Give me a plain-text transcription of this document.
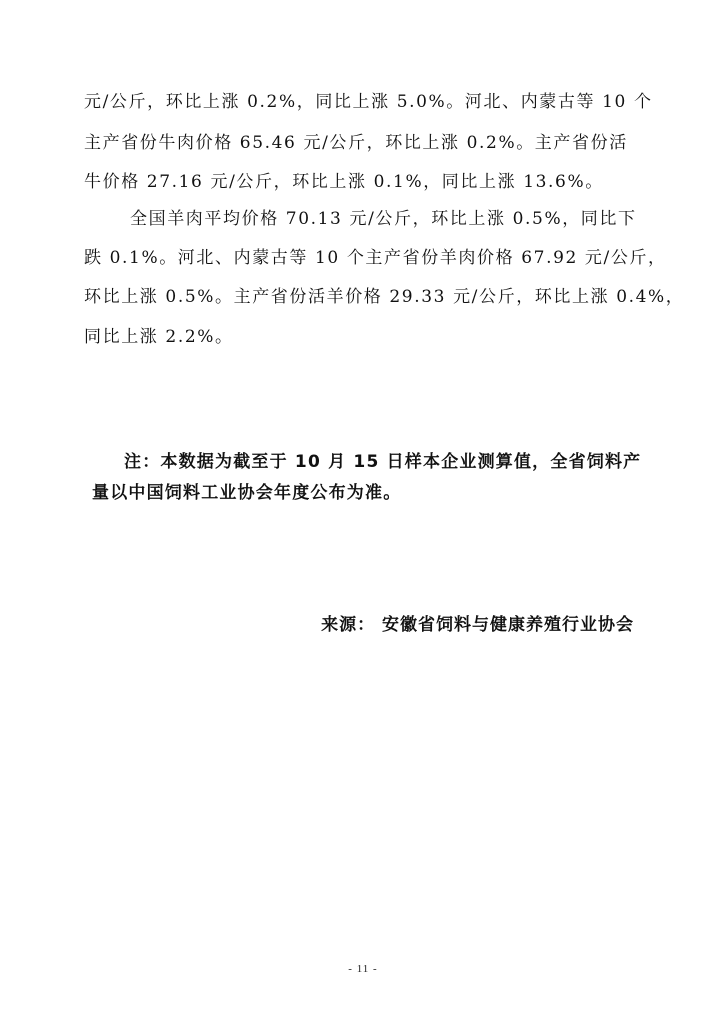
元/公斤，环比上涨 0.2%，同比上涨 5.0%。河北、内蒙古等 10 个
主产省份牛肉价格 65.46 元/公斤，环比上涨 0.2%。主产省份活
牛价格 27.16 元/公斤，环比上涨 0.1%，同比上涨 13.6%。
全国羊肉平均价格 70.13 元/公斤，环比上涨 0.5%，同比下
跌 0.1%。河北、内蒙古等 10 个主产省份羊肉价格 67.92 元/公斤，
环比上涨 0.5%。主产省份活羊价格 29.33 元/公斤，环比上涨 0.4%，
同比上涨 2.2%。
注：本数据为截至于 10 月 15 日样本企业测算值，全省饲料产
量以中国饲料工业协会年度公布为准。
来源： 安徽省饲料与健康养殖行业协会
- 11 -
